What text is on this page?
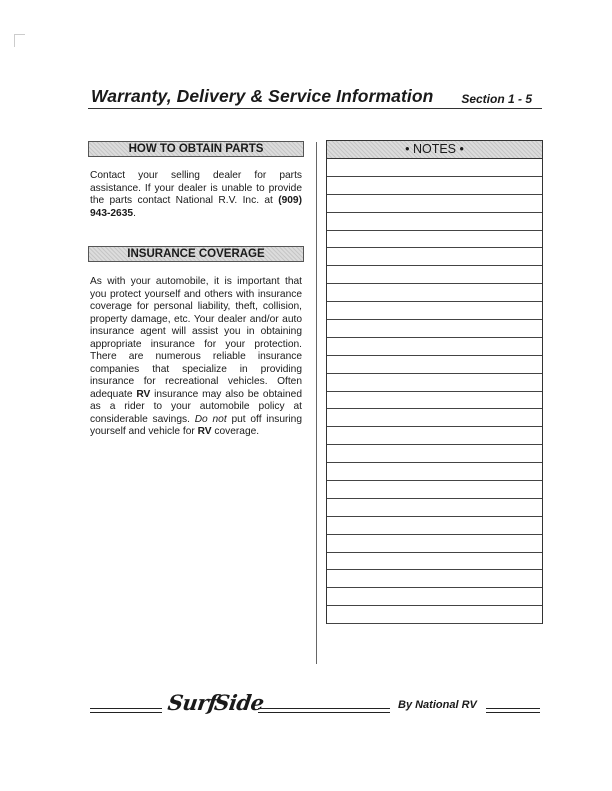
Warranty, Delivery & Service Information Section 1 - 5
HOW TO OBTAIN PARTS
Contact your selling dealer for parts assistance. If your dealer is unable to provide the parts contact National R.V. Inc. at (909) 943-2635.
INSURANCE COVERAGE
As with your automobile, it is important that you protect yourself and others with insurance coverage for personal liability, theft, collision, property damage, etc. Your dealer and/or auto insurance agent will assist you in obtaining appropriate insurance for your protection. There are numerous reliable insurance companies that specialize in providing insurance for recreational vehicles. Often adequate RV insurance may also be obtained as a rider to your automobile policy at considerable savings. Do not put off insuring yourself and vehicle for RV coverage.
• NOTES •
SurfSide	By National RV
